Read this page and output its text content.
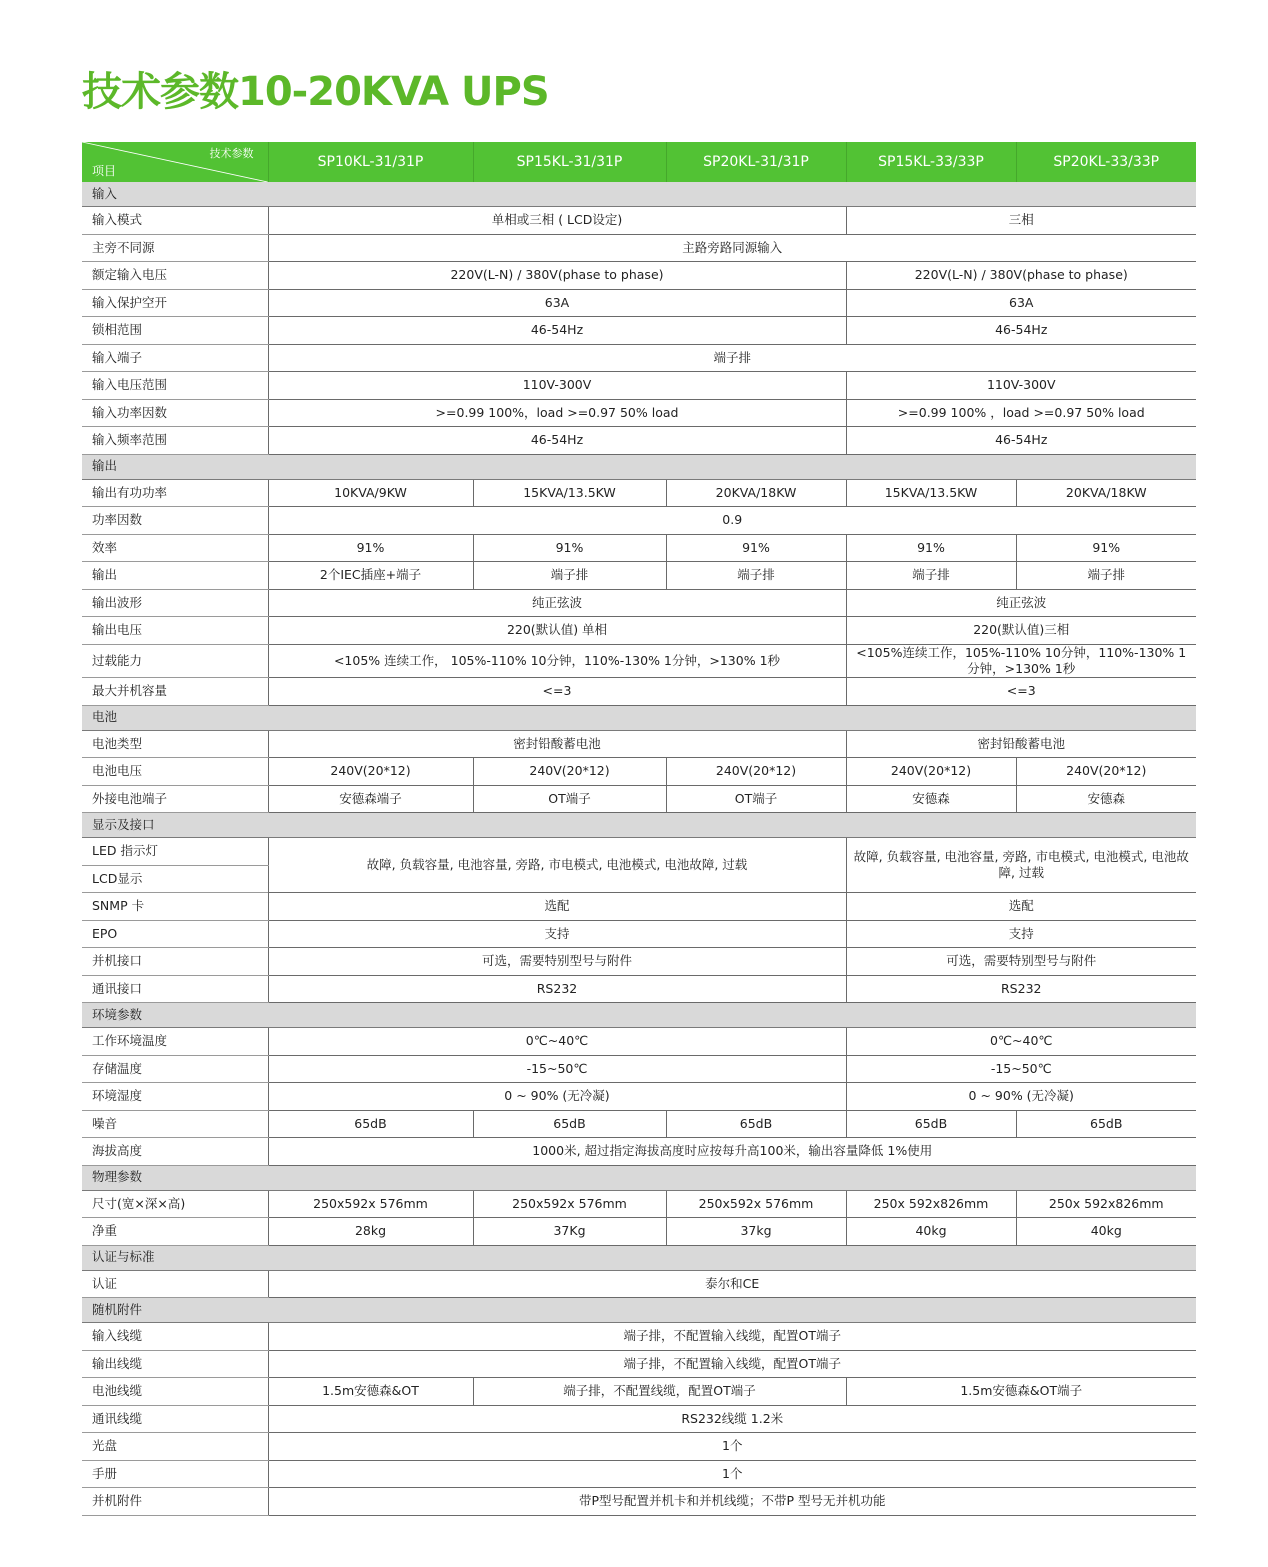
技术参数10-20KVA UPS
技术参数
项目	SP10KL-31/31P	SP15KL-31/31P	SP20KL-31/31P	SP15KL-33/33P	SP20KL-33/33P
输入					
输入模式	单相或三相 ( LCD设定)			三相	
主旁不同源	主路旁路同源输入				
额定输入电压	220V(L-N) / 380V(phase to phase)			220V(L-N) / 380V(phase to phase)	
输入保护空开	63A			63A	
锁相范围	46-54Hz			46-54Hz	
输入端子	端子排				
输入电压范围	110V-300V			110V-300V	
输入功率因数	>=0.99 100%，load >=0.97 50% load			>=0.99 100% ，load >=0.97 50% load	
输入频率范围	46-54Hz			46-54Hz	
输出					
输出有功功率	10KVA/9KW	15KVA/13.5KW	20KVA/18KW	15KVA/13.5KW	20KVA/18KW
功率因数	0.9				
效率	91%	91%	91%	91%	91%
输出	2个IEC插座+端子	端子排	端子排	端子排	端子排
输出波形	纯正弦波			纯正弦波	
输出电压	220(默认值) 单相			220(默认值)三相	
过载能力	<105% 连续工作， 105%-110% 10分钟，110%-130% 1分钟，>130% 1秒			<105%连续工作，105%-110% 10分钟，110%-130% 1分钟，>130% 1秒	
最大并机容量	<=3			<=3	
电池					
电池类型	密封铅酸蓄电池			密封铅酸蓄电池	
电池电压	240V(20*12)	240V(20*12)	240V(20*12)	240V(20*12)	240V(20*12)
外接电池端子	安德森端子	OT端子	OT端子	安德森	安德森
显示及接口					
LED 指示灯	故障, 负载容量, 电池容量, 旁路, 市电模式, 电池模式, 电池故障, 过载			故障, 负载容量, 电池容量, 旁路, 市电模式, 电池模式, 电池故障, 过载	
LCD显示					
SNMP 卡	选配			选配	
EPO	支持			支持	
并机接口	可选，需要特别型号与附件			可选，需要特别型号与附件	
通讯接口	RS232			RS232	
环境参数					
工作环境温度	0℃~40℃			0℃~40℃	
存储温度	-15~50℃			-15~50℃	
环境湿度	0 ~ 90% (无冷凝)			0 ~ 90% (无冷凝)	
噪音	65dB	65dB	65dB	65dB	65dB
海拔高度	1000米, 超过指定海拔高度时应按每升高100米，输出容量降低 1%使用				
物理参数					
尺寸(宽×深×高)	250x592x 576mm	250x592x 576mm	250x592x 576mm	250x 592x826mm	250x 592x826mm
净重	28kg	37Kg	37kg	40kg	40kg
认证与标准					
认证	泰尔和CE				
随机附件					
输入线缆	端子排，不配置输入线缆，配置OT端子				
输出线缆	端子排，不配置输入线缆，配置OT端子				
电池线缆	1.5m安德森&OT	端子排，不配置线缆，配置OT端子		1.5m安德森&OT端子	
通讯线缆	RS232线缆 1.2米				
光盘	1个				
手册	1个				
并机附件	带P型号配置并机卡和并机线缆；不带P 型号无并机功能				
